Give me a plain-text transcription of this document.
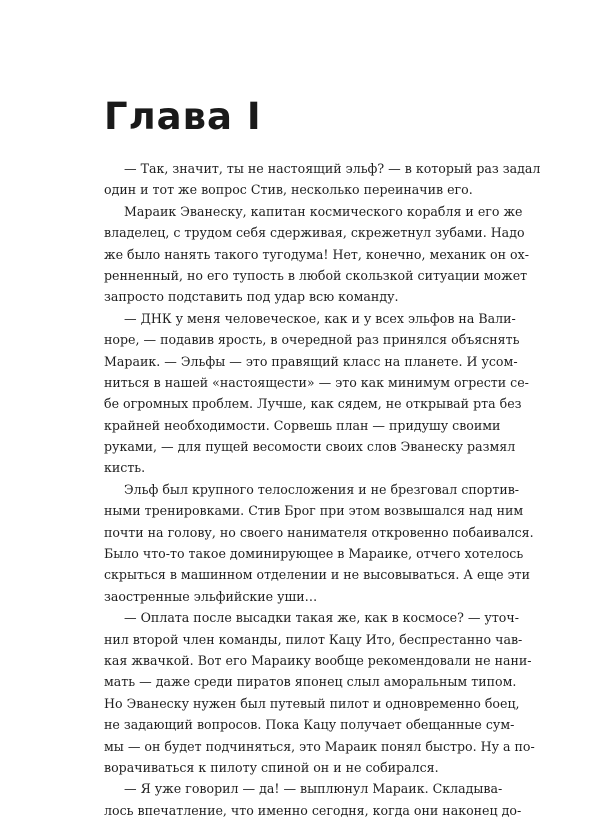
Глава I
— Так, значит, ты не настоящий эльф? — в который раз задал
один и тот же вопрос Стив, несколько переиначив его.
Мараик Эванеску, капитан космического корабля и его же
владелец, с трудом себя сдерживая, скрежетнул зубами. Надо
же было нанять такого тугодума! Нет, конечно, механик он ох-
ренненный, но его тупость в любой скользкой ситуации может
запросто подставить под удар всю команду.
— ДНК у меня человеческое, как и у всех эльфов на Вали-
норе, — подавив ярость, в очередной раз принялся объяснять
Мараик. — Эльфы — это правящий класс на планете. И усом-
ниться в нашей «настоящести» — это как минимум огрести се-
бе огромных проблем. Лучше, как сядем, не открывай рта без
крайней необходимости. Сорвешь план — придушу своими
руками, — для пущей весомости своих слов Эванеску размял
кисть.
Эльф был крупного телосложения и не брезговал спортив-
ными тренировками. Стив Брог при этом возвышался над ним
почти на голову, но своего нанимателя откровенно побаивался.
Было что-то такое доминирующее в Мараике, отчего хотелось
скрыться в машинном отделении и не высовываться. А еще эти
заостренные эльфийские уши…
— Оплата после высадки такая же, как в космосе? — уточ-
нил второй член команды, пилот Кацу Ито, беспрестанно чав-
кая жвачкой. Вот его Мараику вообще рекомендовали не нани-
мать — даже среди пиратов японец слыл аморальным типом.
Но Эванеску нужен был путевый пилот и одновременно боец,
не задающий вопросов. Пока Кацу получает обещанные сум-
мы — он будет подчиняться, это Мараик понял быстро. Ну а по-
ворачиваться к пилоту спиной он и не собирался.
— Я уже говорил — да! — выплюнул Мараик. Складыва-
лось впечатление, что именно сегодня, когда они наконец до-
